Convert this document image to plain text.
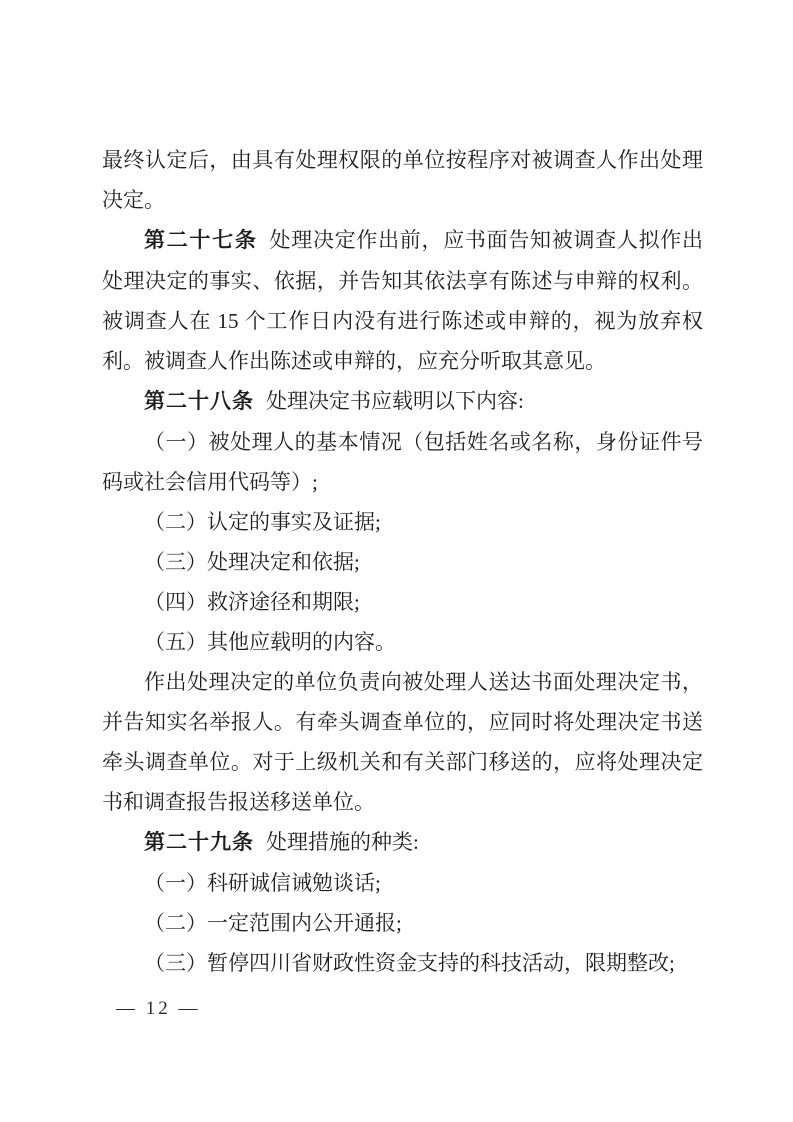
最终认定后，由具有处理权限的单位按程序对被调查人作出处理决定。

第二十七条 处理决定作出前，应书面告知被调查人拟作出处理决定的事实、依据，并告知其依法享有陈述与申辩的权利。被调查人在 15 个工作日内没有进行陈述或申辩的，视为放弃权利。被调查人作出陈述或申辩的，应充分听取其意见。

第二十八条 处理决定书应载明以下内容:

（一）被处理人的基本情况（包括姓名或名称，身份证件号码或社会信用代码等）;

（二）认定的事实及证据;

（三）处理决定和依据;

（四）救济途径和期限;

（五）其他应载明的内容。

作出处理决定的单位负责向被处理人送达书面处理决定书，并告知实名举报人。有牵头调查单位的，应同时将处理决定书送牵头调查单位。对于上级机关和有关部门移送的，应将处理决定书和调查报告报送移送单位。

第二十九条 处理措施的种类:

（一）科研诚信诫勉谈话;

（二）一定范围内公开通报;

（三）暂停四川省财政性资金支持的科技活动，限期整改;

— 12 —
